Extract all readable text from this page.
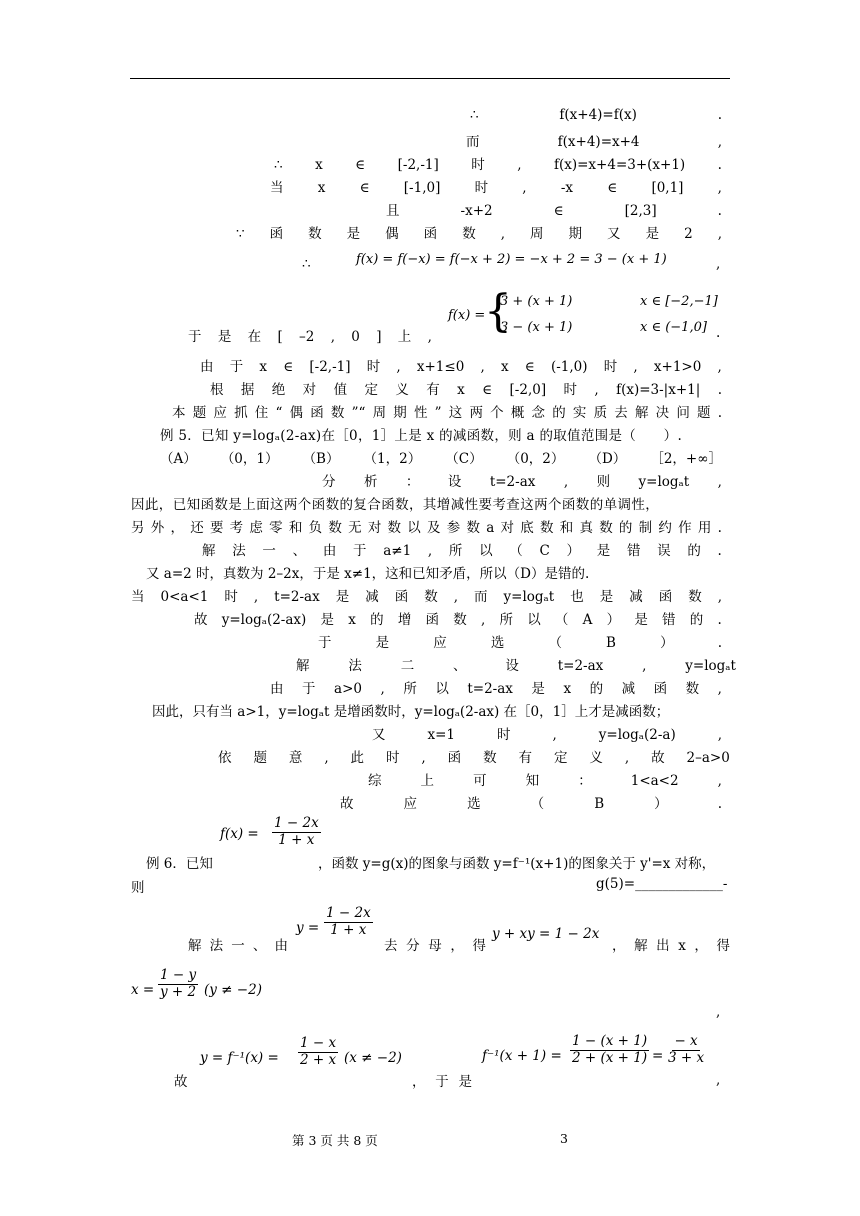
∴	f(x+4)=f(x)	.
而	f(x+4)=x+4	,
∴ x ∈ [-2,-1] 时 , f(x)=x+4=3+(x+1) .
当	x	∈	[-1,0]	时	,	-x	∈	[0,1]	,
且	-x+2	∈	[2,3]	.
∵ 函 数 是 偶 函 数 , 周 期 又 是 2 ,
∴	f(x) = f(−x) = f(−x + 2) = −x + 2 = 3 − (x + 1)	,
于 是 在 [ –2 , 0 ] 上 ,
f(x) =
{
3 + (x + 1)	x ∈ [−2,−1]
3 − (x + 1)	x ∈ (−1,0] .
由 于 x ∈ [-2,-1] 时 , x+1≤0 , x ∈ (-1,0) 时 , x+1>0 ,
根 据 绝 对 值 定 义 有 x ∈ [-2,0] 时 , f(x)=3-|x+1| .
本 题 应 抓 住 “ 偶 函 数 ”“ 周 期 性 ” 这 两 个 概 念 的 实 质 去 解 决 问 题 .
例 5．已知 y=logₐ(2-ax)在［0，1］上是 x 的减函数，则 a 的取值范围是（　　）.
（A） （0，1） （B） （1，2） （C） （0，2） （D） ［2，+∞］
分 析 ： 设 t=2-ax , 则 y=logₐt ,
因此，已知函数是上面这两个函数的复合函数，其增减性要考查这两个函数的单调性，
另 外 ， 还 要 考 虑 零 和 负 数 无 对 数 以 及 参 数 a 对 底 数 和 真 数 的 制 约 作 用 .
解 法 一 、 由 于 a≠1 , 所 以 （ C ） 是 错 误 的 .
又 a=2 时，真数为 2–2x，于是 x≠1，这和已知矛盾，所以（D）是错的.
当 0<a<1 时 , t=2-ax 是 减 函 数 , 而 y=logₐt 也 是 减 函 数 ,
故 y=logₐ(2-ax) 是 x 的 增 函 数 , 所 以 （ A ） 是 错 的 .
于	是	应	选	（	B	）	.
解	法	二	、	设	t=2-ax	,	y=logₐt
由 于 a>0 , 所 以 t=2-ax 是 x 的 减 函 数 ,
因此，只有当 a>1，y=logₐt 是增函数时，y=logₐ(2-ax) 在［0，1］上才是减函数；
又	x=1	时	,	y=logₐ(2-a)	,
依 题 意 , 此 时 , 函 数 有 定 义 , 故 2–a>0
综	上	可	知	：	1<a<2	,
故	应	选	（	B	）	.
例 6．已知
$f(x) = \frac{1 - 2x}{1 + x}$
，函数 y=g(x)的图象与函数 y=f⁻¹(x+1)的图象关于 y'=x 对称，
则	g(5)=_____________-
解 法 一 、 由
$y = \frac{1 - 2x}{1 + x}$
去 分 母 ， 得
y + xy = 1 − 2x
， 解 出 x ， 得
$x = \frac{1 - y}{y + 2} (y \ne -2)$
,
故
$y = f^{-1}(x) = \frac{1 - x}{2 + x} (x \ne -2)$
， 于 是
$f^{-1}(x + 1) = \frac{1 - (x + 1)}{2 + (x + 1)} = \frac{- x}{3 + x}$
,
第 3 页 共 8 页	3
